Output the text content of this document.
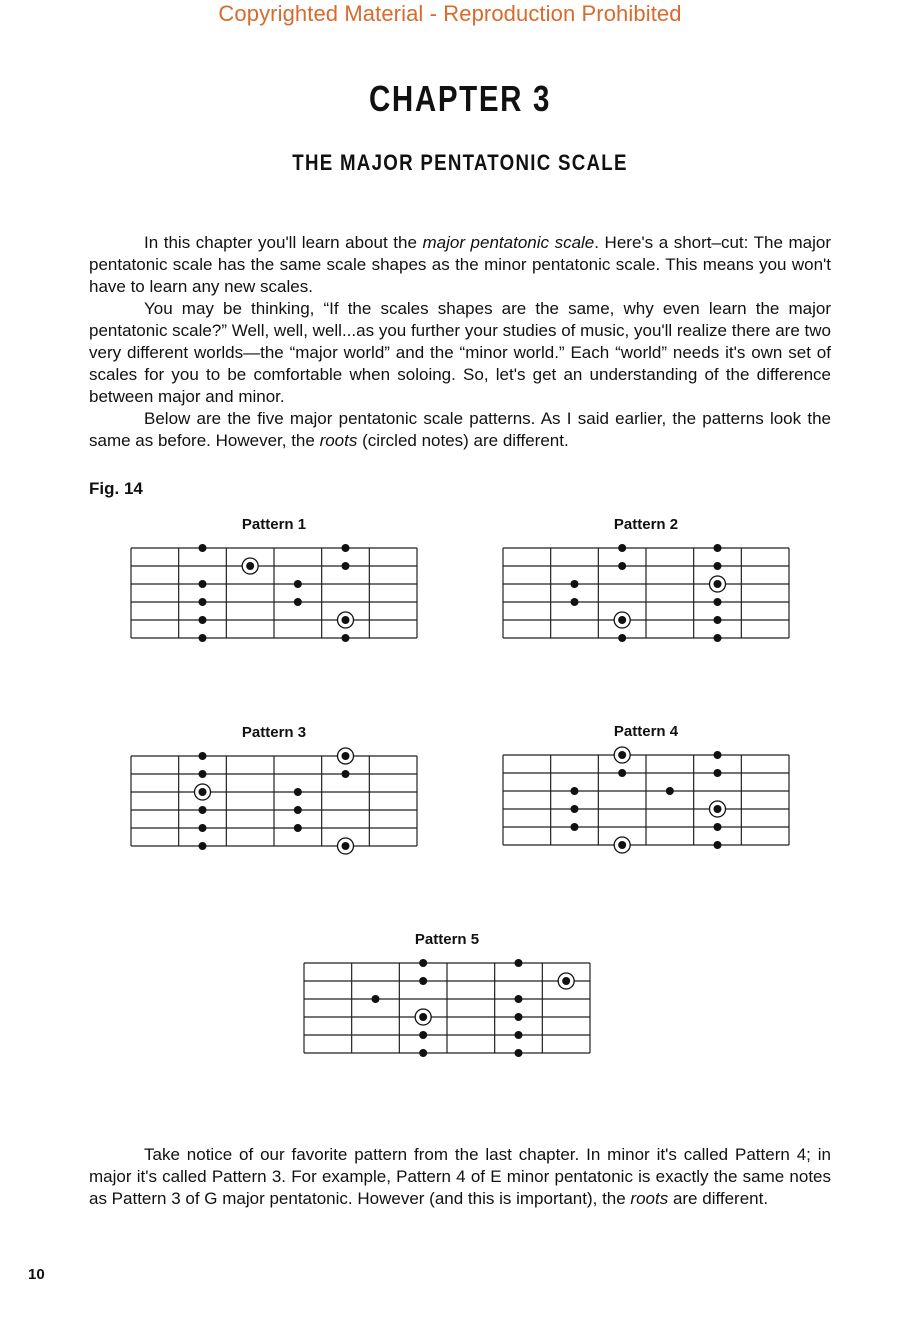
Copyrighted Material - Reproduction Prohibited
CHAPTER 3
THE MAJOR PENTATONIC SCALE

In this chapter you'll learn about the major pentatonic scale. Here's a short–cut: The major pentatonic scale has the same scale shapes as the minor pentatonic scale. This means you won't have to learn any new scales.

You may be thinking, “If the scales shapes are the same, why even learn the major pentatonic scale?” Well, well, well...as you further your studies of music, you'll realize there are two very different worlds—the “major world” and the “minor world.” Each “world” needs it's own set of scales for you to be comfortable when soloing. So, let's get an understanding of the difference between major and minor.

Below are the five major pentatonic scale patterns. As I said earlier, the patterns look the same as before. However, the roots (circled notes) are different.

Fig. 14
Pattern 1	Pattern 2
Pattern 3	Pattern 4
Pattern 5

Take notice of our favorite pattern from the last chapter. In minor it's called Pattern 4; in major it's called Pattern 3. For example, Pattern 4 of E minor pentatonic is exactly the same notes as Pattern 3 of G major pentatonic. However (and this is important), the roots are different.

10
